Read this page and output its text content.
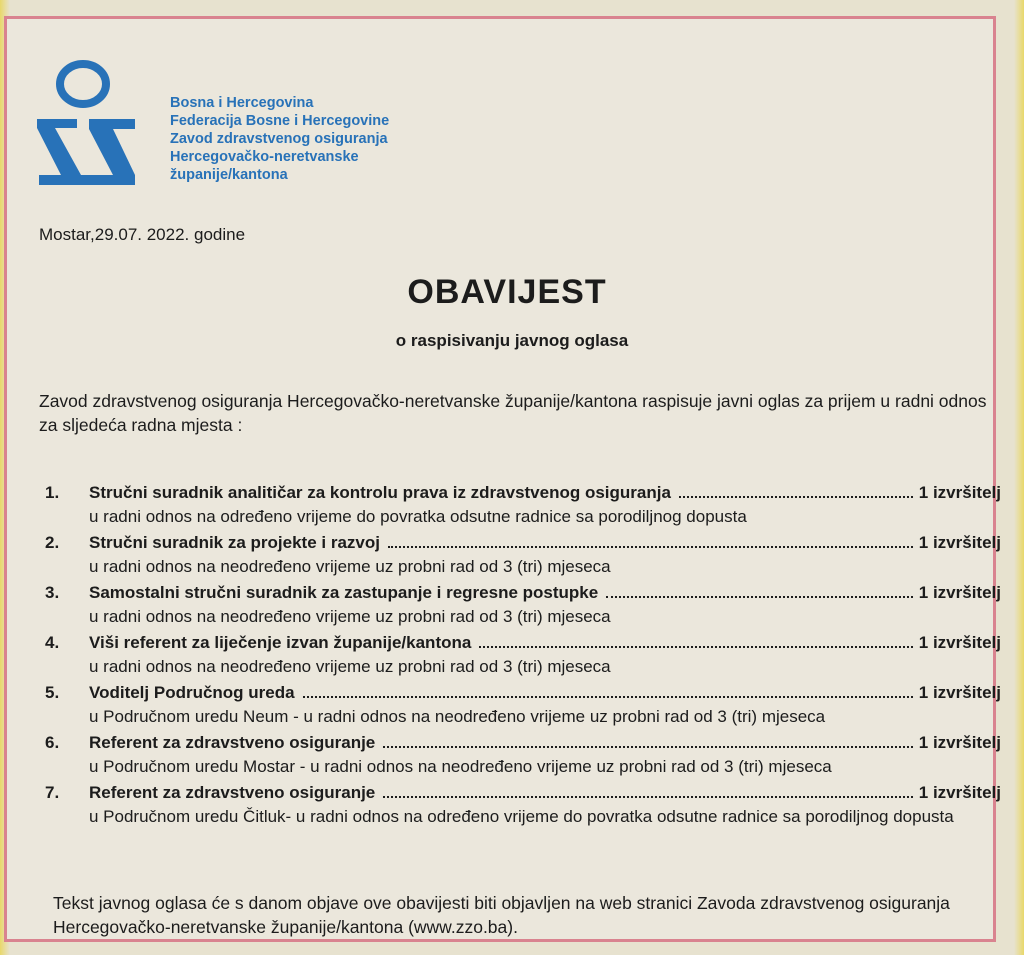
Bosna i Hercegovina
Federacija Bosne i Hercegovine
Zavod zdravstvenog osiguranja
Hercegovačko-neretvanske
županije/kantona
Mostar,29.07. 2022. godine
OBAVIJEST
o raspisivanju javnog oglasa
Zavod zdravstvenog osiguranja Hercegovačko-neretvanske županije/kantona raspisuje javni oglas za prijem u radni odnos za sljedeća radna mjesta :
1.	Stručni suradnik analitičar za kontrolu prava iz zdravstvenog osiguranja	1 izvršitelj
u radni odnos na određeno vrijeme do povratka odsutne radnice sa porodiljnog dopusta
2.	Stručni suradnik za projekte i razvoj	1 izvršitelj
u radni odnos na neodređeno vrijeme uz probni rad od 3 (tri) mjeseca
3.	Samostalni stručni suradnik za zastupanje i regresne postupke	1 izvršitelj
u radni odnos na neodređeno vrijeme uz probni rad od 3 (tri) mjeseca
4.	Viši referent za liječenje izvan županije/kantona	1 izvršitelj
u radni odnos na neodređeno vrijeme uz probni rad od 3 (tri) mjeseca
5.	Voditelj Područnog ureda	1 izvršitelj
u Područnom uredu Neum - u radni odnos na neodređeno vrijeme uz probni rad od 3 (tri) mjeseca
6.	Referent za zdravstveno osiguranje	1 izvršitelj
u Područnom uredu Mostar - u radni odnos na neodređeno vrijeme uz probni rad od 3 (tri) mjeseca
7.	Referent za zdravstveno osiguranje	1 izvršitelj
u Područnom uredu Čitluk- u radni odnos na određeno vrijeme do povratka odsutne radnice sa porodiljnog dopusta
Tekst javnog oglasa će s danom objave ove obavijesti biti objavljen na web stranici Zavoda zdravstvenog osiguranja Hercegovačko-neretvanske županije/kantona (www.zzo.ba).
